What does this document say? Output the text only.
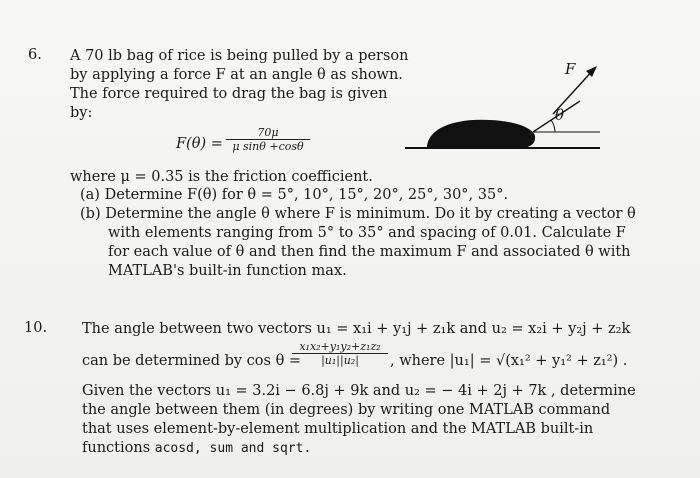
6. A 70 lb bag of rice is being pulled by a person
by applying a force F at an angle θ as shown.
The force required to drag the bag is given
by:
$F(\theta) = \frac{70\mu}{\text{μ sinθ +cosθ}}$
where μ = 0.35 is the friction coefficient.
(a) Determine F(θ) for θ = 5°, 10°, 15°, 20°, 25°, 30°, 35°.
(b) Determine the angle θ where F is minimum. Do it by creating a vector θ
with elements ranging from 5° to 35° and spacing of 0.01. Calculate F
for each value of θ and then find the maximum F and associated θ with
MATLAB's built-in function max.
F
θ
10. The angle between two vectors u₁ = x₁i + y₁j + z₁k and u₂ = x₂i + y₂j + z₂k
can be determined by cos θ =
$\frac{\text{x₁x₂+y₁y₂+z₁z₂}}{\text{|u₁||u₂|}}$ , where |u₁| = √(x₁² + y₁² + z₁²) .
Given the vectors u₁ = 3.2i − 6.8j + 9k and u₂ = − 4i + 2j + 7k , determine
the angle between them (in degrees) by writing one MATLAB command
that uses element-by-element multiplication and the MATLAB built-in
functions acosd, sum and sqrt.
